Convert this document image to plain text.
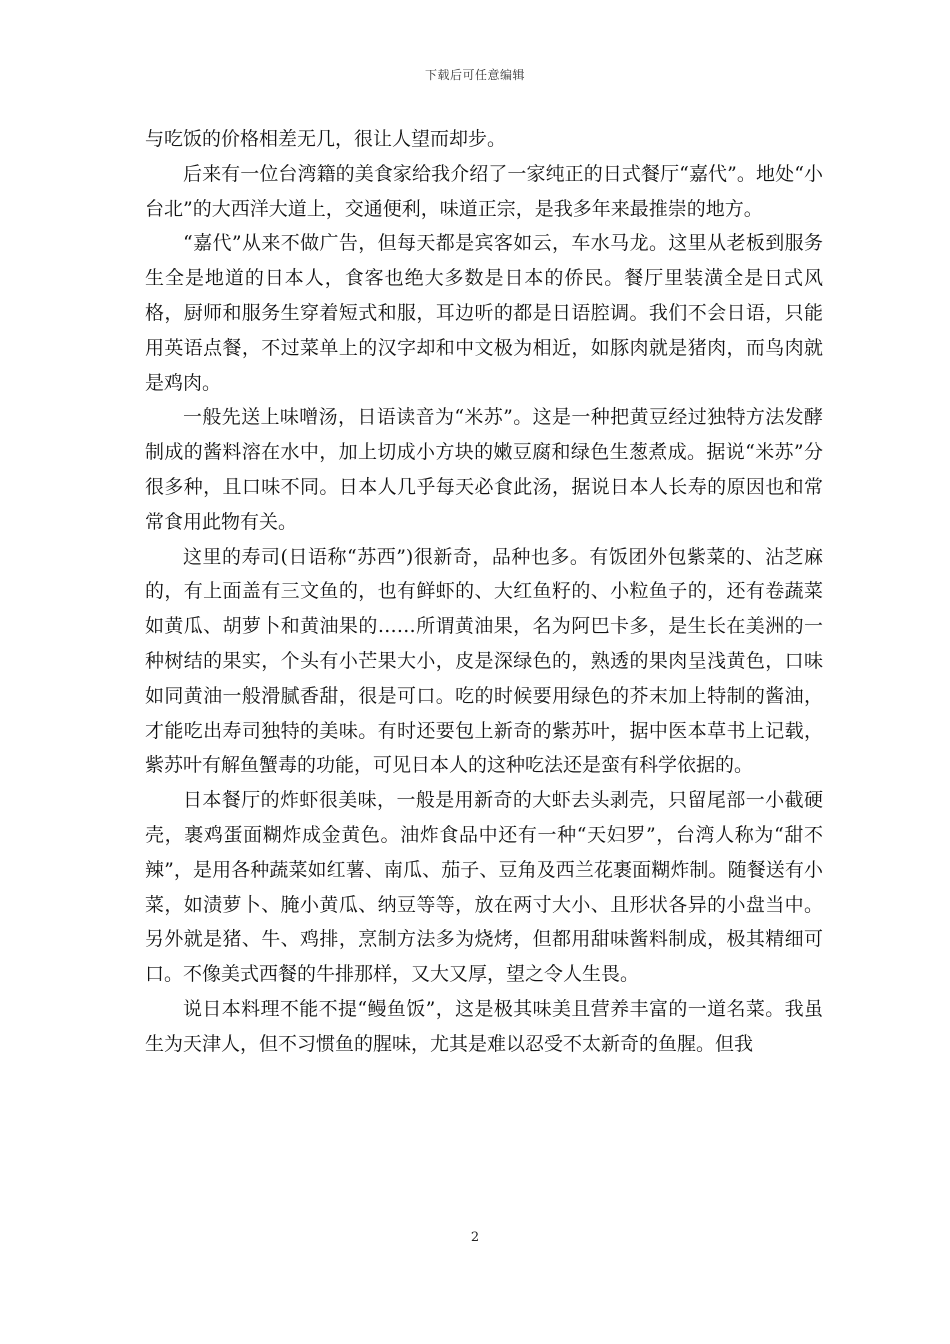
下载后可任意编辑

与吃饭的价格相差无几，很让人望而却步。

后来有一位台湾籍的美食家给我介绍了一家纯正的日式餐厅“嘉代”。地处“小台北”的大西洋大道上，交通便利，味道正宗，是我多年来最推崇的地方。

“嘉代”从来不做广告，但每天都是宾客如云，车水马龙。这里从老板到服务生全是地道的日本人，食客也绝大多数是日本的侨民。餐厅里装潢全是日式风格，厨师和服务生穿着短式和服，耳边听的都是日语腔调。我们不会日语，只能用英语点餐，不过菜单上的汉字却和中文极为相近，如豚肉就是猪肉，而鸟肉就是鸡肉。

一般先送上味噌汤，日语读音为“米苏”。这是一种把黄豆经过独特方法发酵制成的酱料溶在水中，加上切成小方块的嫩豆腐和绿色生葱煮成。据说“米苏”分很多种，且口味不同。日本人几乎每天必食此汤，据说日本人长寿的原因也和常常食用此物有关。

这里的寿司(日语称“苏西”)很新奇，品种也多。有饭团外包紫菜的、沾芝麻的，有上面盖有三文鱼的，也有鲜虾的、大红鱼籽的、小粒鱼子的，还有卷蔬菜如黄瓜、胡萝卜和黄油果的……所谓黄油果，名为阿巴卡多，是生长在美洲的一种树结的果实，个头有小芒果大小，皮是深绿色的，熟透的果肉呈浅黄色，口味如同黄油一般滑腻香甜，很是可口。吃的时候要用绿色的芥末加上特制的酱油，才能吃出寿司独特的美味。有时还要包上新奇的紫苏叶，据中医本草书上记载，紫苏叶有解鱼蟹毒的功能，可见日本人的这种吃法还是蛮有科学依据的。

日本餐厅的炸虾很美味，一般是用新奇的大虾去头剥壳，只留尾部一小截硬壳，裹鸡蛋面糊炸成金黄色。油炸食品中还有一种“天妇罗”，台湾人称为“甜不辣”，是用各种蔬菜如红薯、南瓜、茄子、豆角及西兰花裹面糊炸制。随餐送有小菜，如渍萝卜、腌小黄瓜、纳豆等等，放在两寸大小、且形状各异的小盘当中。另外就是猪、牛、鸡排，烹制方法多为烧烤，但都用甜味酱料制成，极其精细可口。不像美式西餐的牛排那样，又大又厚，望之令人生畏。

说日本料理不能不提“鳗鱼饭”，这是极其味美且营养丰富的一道名菜。我虽生为天津人，但不习惯鱼的腥味，尤其是难以忍受不太新奇的鱼腥。但我

2
